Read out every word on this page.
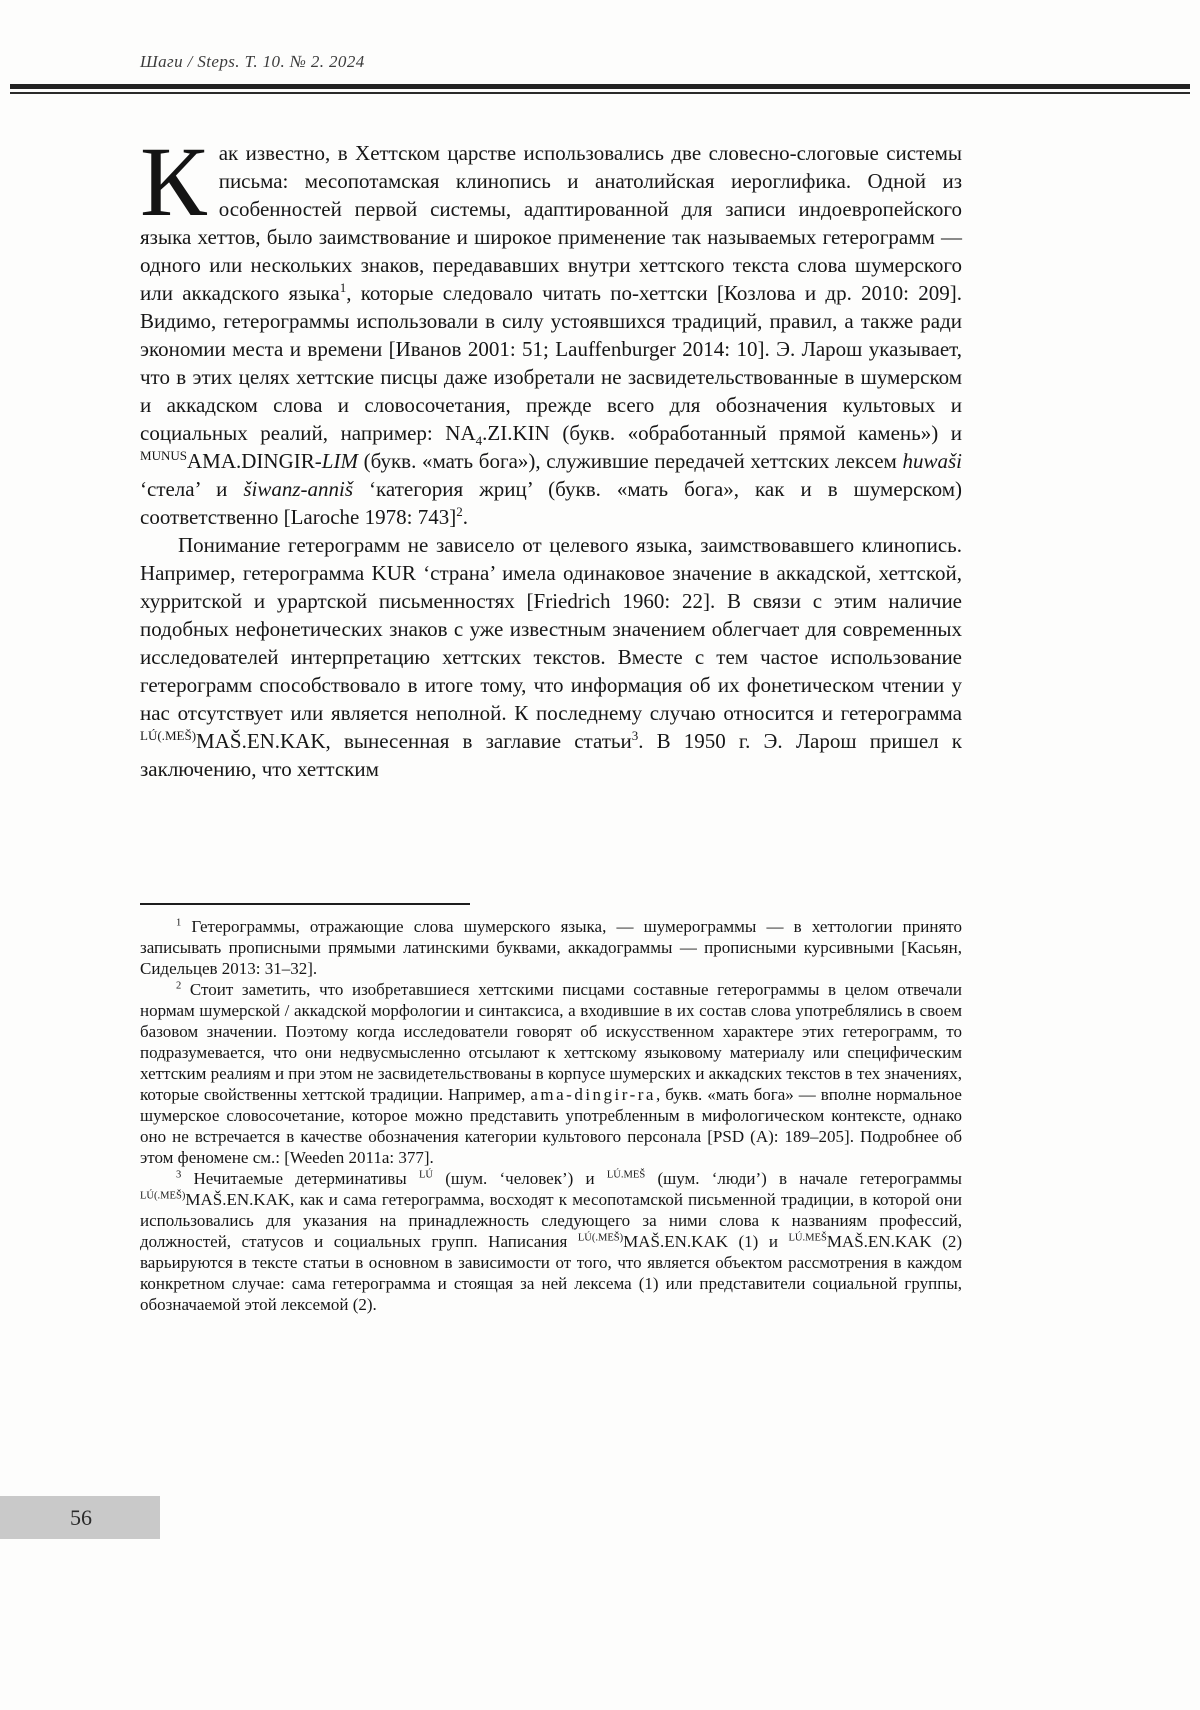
Шаги / Steps. Т. 10. № 2. 2024

Как известно, в Хеттском царстве использовались две словесно-слоговые системы письма: месопотамская клинопись и анатолийская иероглифика. Одной из особенностей первой системы, адаптированной для записи индоевропейского языка хеттов, было заимствование и широкое применение так называемых гетерограмм — одного или нескольких знаков, передававших внутри хеттского текста слова шумерского или аккадского языка$^1$, которые следовало читать по-хеттски [Козлова и др. 2010: 209]. Видимо, гетерограммы использовали в силу устоявшихся традиций, правил, а также ради экономии места и времени [Иванов 2001: 51; Lauffenburger 2014: 10]. Э. Ларош указывает, что в этих целях хеттские писцы даже изобретали не засвидетельствованные в шумерском и аккадском слова и словосочетания, прежде всего для обозначения культовых и социальных реалий, например: $NA_4.ZI.KIN$ (букв. «обработанный прямой камень») и $^{MUNUS}$AMA.DINGIR-LIM (букв. «мать бога»), служившие передачей хеттских лексем huwaši ‘стела’ и šiwanz-anniš ‘категория жриц’ (букв. «мать бога», как и в шумерском) соответственно [Laroche 1978: 743]$^2$.

Понимание гетерограмм не зависело от целевого языка, заимствовавшего клинопись. Например, гетерограмма KUR ‘страна’ имела одинаковое значение в аккадской, хеттской, хурритской и урартской письменностях [Friedrich 1960: 22]. В связи с этим наличие подобных нефонетических знаков с уже известным значением облегчает для современных исследователей интерпретацию хеттских текстов. Вместе с тем частое использование гетерограмм способствовало в итоге тому, что информация об их фонетическом чтении у нас отсутствует или является неполной. К последнему случаю относится и гетерограмма $^{LÚ(.MEŠ)}$MAŠ.EN.KAK, вынесенная в заглавие статьи$^3$. В 1950 г. Э. Ларош пришел к заключению, что хеттским

$^1$ Гетерограммы, отражающие слова шумерского языка, — шумерограммы — в хеттологии принято записывать прописными прямыми латинскими буквами, аккадограммы — прописными курсивными [Касьян, Сидельцев 2013: 31–32].

$^2$ Стоит заметить, что изобретавшиеся хеттскими писцами составные гетерограммы в целом отвечали нормам шумерской / аккадской морфологии и синтаксиса, а входившие в их состав слова употреблялись в своем базовом значении. Поэтому когда исследователи говорят об искусственном характере этих гетерограмм, то подразумевается, что они недвусмысленно отсылают к хеттскому языковому материалу или специфическим хеттским реалиям и при этом не засвидетельствованы в корпусе шумерских и аккадских текстов в тех значениях, которые свойственны хеттской традиции. Например, ama-dingir-ra, букв. «мать бога» — вполне нормальное шумерское словосочетание, которое можно представить употребленным в мифологическом контексте, однако оно не встречается в качестве обозначения категории культового персонала [PSD (A): 189–205]. Подробнее об этом феномене см.: [Weeden 2011a: 377].

$^3$ Нечитаемые детерминативы $^{LÚ}$ (шум. ‘человек’) и $^{LÚ.MEŠ}$ (шум. ‘люди’) в начале гетерограммы $^{LÚ(.MEŠ)}$MAŠ.EN.KAK, как и сама гетерограмма, восходят к месопотамской письменной традиции, в которой они использовались для указания на принадлежность следующего за ними слова к названиям профессий, должностей, статусов и социальных групп. Написания $^{LÚ(.MEŠ)}$MAŠ.EN.KAK (1) и $^{LÚ.MEŠ}$MAŠ.EN.KAK (2) варьируются в тексте статьи в основном в зависимости от того, что является объектом рассмотрения в каждом конкретном случае: сама гетерограмма и стоящая за ней лексема (1) или представители социальной группы, обозначаемой этой лексемой (2).

56
